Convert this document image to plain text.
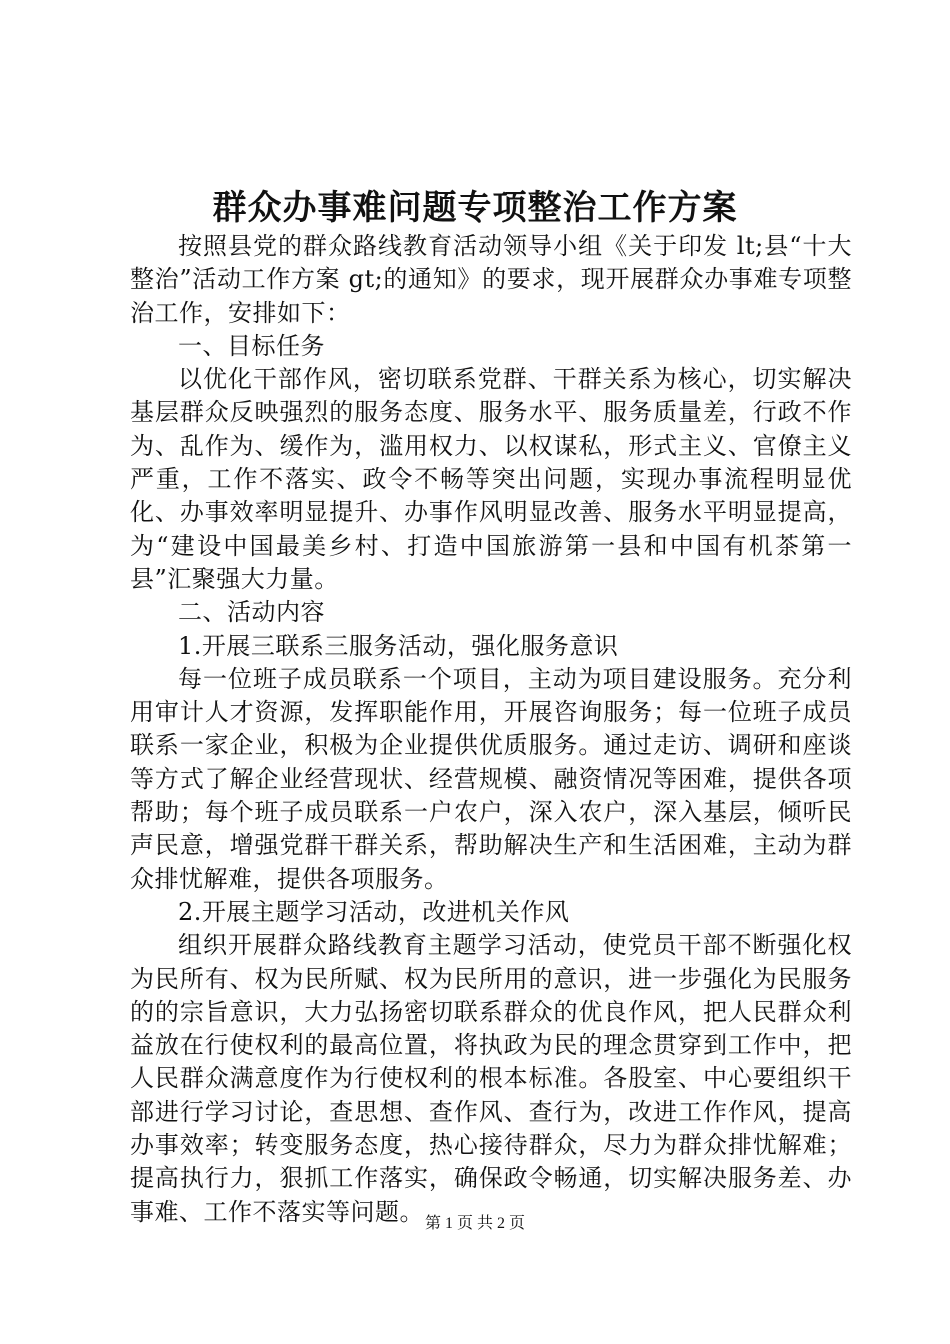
群众办事难问题专项整治工作方案

按照县党的群众路线教育活动领导小组《关于印发 lt;县“十大整治”活动工作方案 gt;的通知》的要求，现开展群众办事难专项整治工作，安排如下：

一、目标任务

以优化干部作风，密切联系党群、干群关系为核心，切实解决基层群众反映强烈的服务态度、服务水平、服务质量差，行政不作为、乱作为、缓作为，滥用权力、以权谋私，形式主义、官僚主义严重，工作不落实、政令不畅等突出问题，实现办事流程明显优化、办事效率明显提升、办事作风明显改善、服务水平明显提高，为“建设中国最美乡村、打造中国旅游第一县和中国有机茶第一县”汇聚强大力量。

二、活动内容

1.开展三联系三服务活动，强化服务意识

每一位班子成员联系一个项目，主动为项目建设服务。充分利用审计人才资源，发挥职能作用，开展咨询服务；每一位班子成员联系一家企业，积极为企业提供优质服务。通过走访、调研和座谈等方式了解企业经营现状、经营规模、融资情况等困难，提供各项帮助；每个班子成员联系一户农户，深入农户，深入基层，倾听民声民意，增强党群干群关系，帮助解决生产和生活困难，主动为群众排忧解难，提供各项服务。

2.开展主题学习活动，改进机关作风

组织开展群众路线教育主题学习活动，使党员干部不断强化权为民所有、权为民所赋、权为民所用的意识，进一步强化为民服务的的宗旨意识，大力弘扬密切联系群众的优良作风，把人民群众利益放在行使权利的最高位置，将执政为民的理念贯穿到工作中，把人民群众满意度作为行使权利的根本标准。各股室、中心要组织干部进行学习讨论，查思想、查作风、查行为，改进工作作风，提高办事效率；转变服务态度，热心接待群众，尽力为群众排忧解难；提高执行力，狠抓工作落实，确保政令畅通，切实解决服务差、办事难、工作不落实等问题。 第 1 页 共 2 页
